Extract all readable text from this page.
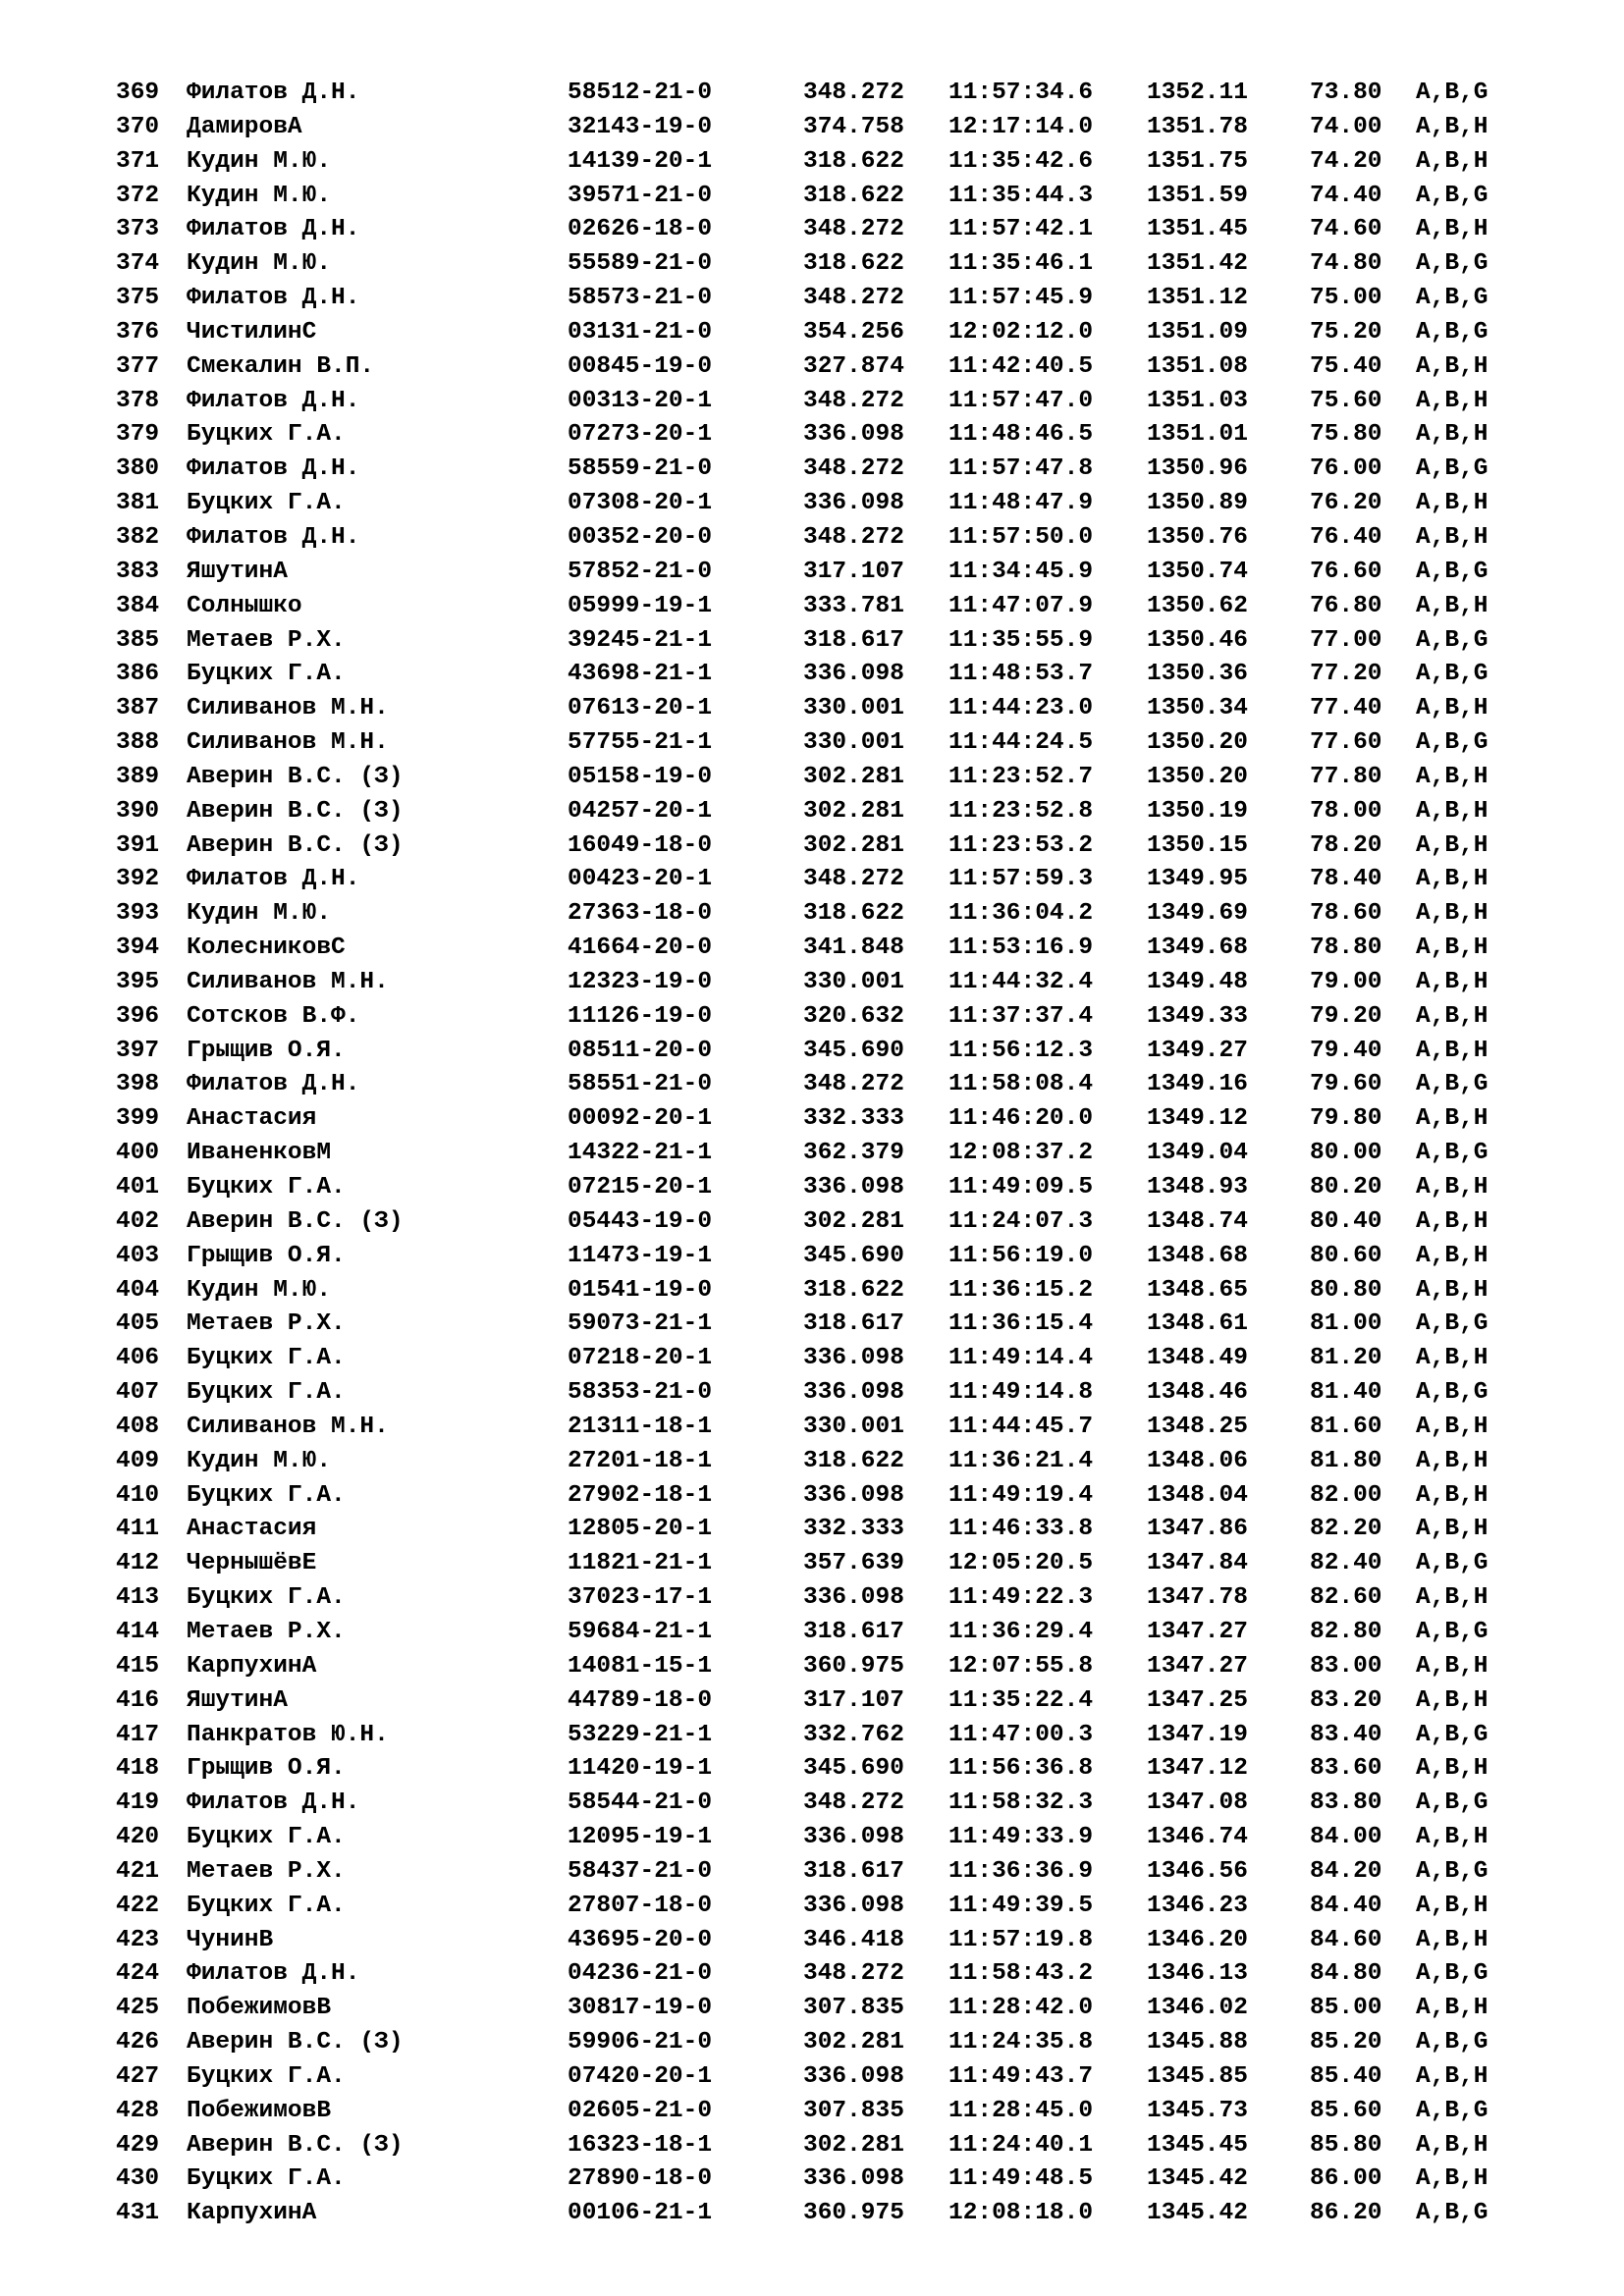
369 Филатов Д.Н.	58512-21-0	348.272 11:57:34.6 1352.11	73.80 A,B,G
370 ДамировА	32143-19-0	374.758 12:17:14.0 1351.78	74.00 A,B,H
371 Кудин М.Ю.	14139-20-1	318.622 11:35:42.6 1351.75	74.20 A,B,H
372 Кудин М.Ю.	39571-21-0	318.622 11:35:44.3 1351.59	74.40 A,B,G
373 Филатов Д.Н.	02626-18-0	348.272 11:57:42.1 1351.45	74.60 A,B,H
374 Кудин М.Ю.	55589-21-0	318.622 11:35:46.1 1351.42	74.80 A,B,G
375 Филатов Д.Н.	58573-21-0	348.272 11:57:45.9 1351.12	75.00 A,B,G
376 ЧистилинС	03131-21-0	354.256 12:02:12.0 1351.09	75.20 A,B,G
377 Смекалин В.П.	00845-19-0	327.874 11:42:40.5 1351.08	75.40 A,B,H
378 Филатов Д.Н.	00313-20-1	348.272 11:57:47.0 1351.03	75.60 A,B,H
379 Буцких Г.А.	07273-20-1	336.098 11:48:46.5 1351.01	75.80 A,B,H
380 Филатов Д.Н.	58559-21-0	348.272 11:57:47.8 1350.96	76.00 A,B,G
381 Буцких Г.А.	07308-20-1	336.098 11:48:47.9 1350.89	76.20 A,B,H
382 Филатов Д.Н.	00352-20-0	348.272 11:57:50.0 1350.76	76.40 A,B,H
383 ЯшутинА	57852-21-0	317.107 11:34:45.9 1350.74	76.60 A,B,G
384 Солнышко	05999-19-1	333.781 11:47:07.9 1350.62	76.80 A,B,H
385 Метаев Р.Х.	39245-21-1	318.617 11:35:55.9 1350.46	77.00 A,B,G
386 Буцких Г.А.	43698-21-1	336.098 11:48:53.7 1350.36	77.20 A,B,G
387 Силиванов М.Н.	07613-20-1	330.001 11:44:23.0 1350.34	77.40 A,B,H
388 Силиванов М.Н.	57755-21-1	330.001 11:44:24.5 1350.20	77.60 A,B,G
389 Аверин В.С. (З)	05158-19-0	302.281 11:23:52.7 1350.20	77.80 A,B,H
390 Аверин В.С. (З)	04257-20-1	302.281 11:23:52.8 1350.19	78.00 A,B,H
391 Аверин В.С. (З)	16049-18-0	302.281 11:23:53.2 1350.15	78.20 A,B,H
392 Филатов Д.Н.	00423-20-1	348.272 11:57:59.3 1349.95	78.40 A,B,H
393 Кудин М.Ю.	27363-18-0	318.622 11:36:04.2 1349.69	78.60 A,B,H
394 КолесниковС	41664-20-0	341.848 11:53:16.9 1349.68	78.80 A,B,H
395 Силиванов М.Н.	12323-19-0	330.001 11:44:32.4 1349.48	79.00 A,B,H
396 Сотсков В.Ф.	11126-19-0	320.632 11:37:37.4 1349.33	79.20 A,B,H
397 Грыщив О.Я.	08511-20-0	345.690 11:56:12.3 1349.27	79.40 A,B,H
398 Филатов Д.Н.	58551-21-0	348.272 11:58:08.4 1349.16	79.60 A,B,G
399 Анастасия	00092-20-1	332.333 11:46:20.0 1349.12	79.80 A,B,H
400 ИваненковМ	14322-21-1	362.379 12:08:37.2 1349.04	80.00 A,B,G
401 Буцких Г.А.	07215-20-1	336.098 11:49:09.5 1348.93	80.20 A,B,H
402 Аверин В.С. (З)	05443-19-0	302.281 11:24:07.3 1348.74	80.40 A,B,H
403 Грыщив О.Я.	11473-19-1	345.690 11:56:19.0 1348.68	80.60 A,B,H
404 Кудин М.Ю.	01541-19-0	318.622 11:36:15.2 1348.65	80.80 A,B,H
405 Метаев Р.Х.	59073-21-1	318.617 11:36:15.4 1348.61	81.00 A,B,G
406 Буцких Г.А.	07218-20-1	336.098 11:49:14.4 1348.49	81.20 A,B,H
407 Буцких Г.А.	58353-21-0	336.098 11:49:14.8 1348.46	81.40 A,B,G
408 Силиванов М.Н.	21311-18-1	330.001 11:44:45.7 1348.25	81.60 A,B,H
409 Кудин М.Ю.	27201-18-1	318.622 11:36:21.4 1348.06	81.80 A,B,H
410 Буцких Г.А.	27902-18-1	336.098 11:49:19.4 1348.04	82.00 A,B,H
411 Анастасия	12805-20-1	332.333 11:46:33.8 1347.86	82.20 A,B,H
412 ЧернышёвЕ	11821-21-1	357.639 12:05:20.5 1347.84	82.40 A,B,G
413 Буцких Г.А.	37023-17-1	336.098 11:49:22.3 1347.78	82.60 A,B,H
414 Метаев Р.Х.	59684-21-1	318.617 11:36:29.4 1347.27	82.80 A,B,G
415 КарпухинА	14081-15-1	360.975 12:07:55.8 1347.27	83.00 A,B,H
416 ЯшутинА	44789-18-0	317.107 11:35:22.4 1347.25	83.20 A,B,H
417 Панкратов Ю.Н.	53229-21-1	332.762 11:47:00.3 1347.19	83.40 A,B,G
418 Грыщив О.Я.	11420-19-1	345.690 11:56:36.8 1347.12	83.60 A,B,H
419 Филатов Д.Н.	58544-21-0	348.272 11:58:32.3 1347.08	83.80 A,B,G
420 Буцких Г.А.	12095-19-1	336.098 11:49:33.9 1346.74	84.00 A,B,H
421 Метаев Р.Х.	58437-21-0	318.617 11:36:36.9 1346.56	84.20 A,B,G
422 Буцких Г.А.	27807-18-0	336.098 11:49:39.5 1346.23	84.40 A,B,H
423 ЧунинВ	43695-20-0	346.418 11:57:19.8 1346.20	84.60 A,B,H
424 Филатов Д.Н.	04236-21-0	348.272 11:58:43.2 1346.13	84.80 A,B,G
425 ПобежимовВ	30817-19-0	307.835 11:28:42.0 1346.02	85.00 A,B,H
426 Аверин В.С. (З)	59906-21-0	302.281 11:24:35.8 1345.88	85.20 A,B,G
427 Буцких Г.А.	07420-20-1	336.098 11:49:43.7 1345.85	85.40 A,B,H
428 ПобежимовВ	02605-21-0	307.835 11:28:45.0 1345.73	85.60 A,B,G
429 Аверин В.С. (З)	16323-18-1	302.281 11:24:40.1 1345.45	85.80 A,B,H
430 Буцких Г.А.	27890-18-0	336.098 11:49:48.5 1345.42	86.00 A,B,H
431 КарпухинА	00106-21-1	360.975 12:08:18.0 1345.42	86.20 A,B,G
